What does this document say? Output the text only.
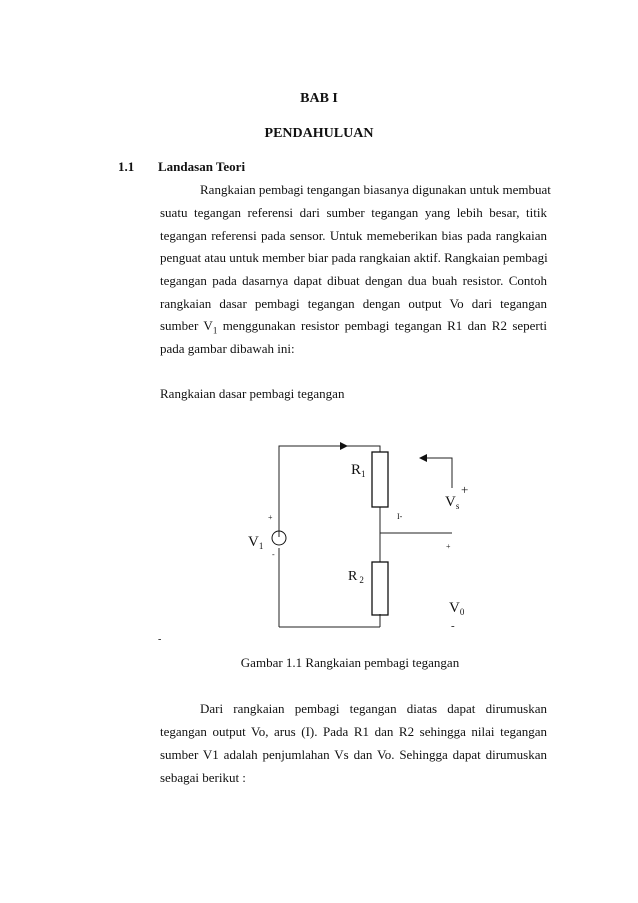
BAB I
PENDAHULUAN
1.1 Landasan Teori
Rangkaian pembagi tengangan biasanya digunakan untuk membuat
suatu tegangan referensi dari sumber tegangan yang lebih besar, titik
tegangan referensi pada sensor. Untuk memeberikan bias pada rangkaian
penguat atau untuk member biar pada rangkaian aktif. Rangkaian pembagi
tegangan pada dasarnya dapat dibuat dengan dua buah resistor. Contoh
rangkaian dasar pembagi tegangan dengan output Vo dari tegangan
sumber $V_1$ menggunakan resistor pembagi tegangan R1 dan R2 seperti
pada gambar dibawah ini:
Rangkaian dasar pembagi tegangan
$R_1$
R $_2$
$V_1$
$V_s$
$V_0$
+
+
-
I-
+
-
-
Gambar 1.1 Rangkaian pembagi tegangan
Dari rangkaian pembagi tegangan diatas dapat dirumuskan
tegangan output Vo, arus (I). Pada R1 dan R2 sehingga nilai tegangan
sumber V1 adalah penjumlahan Vs dan Vo. Sehingga dapat dirumuskan
sebagai berikut :
